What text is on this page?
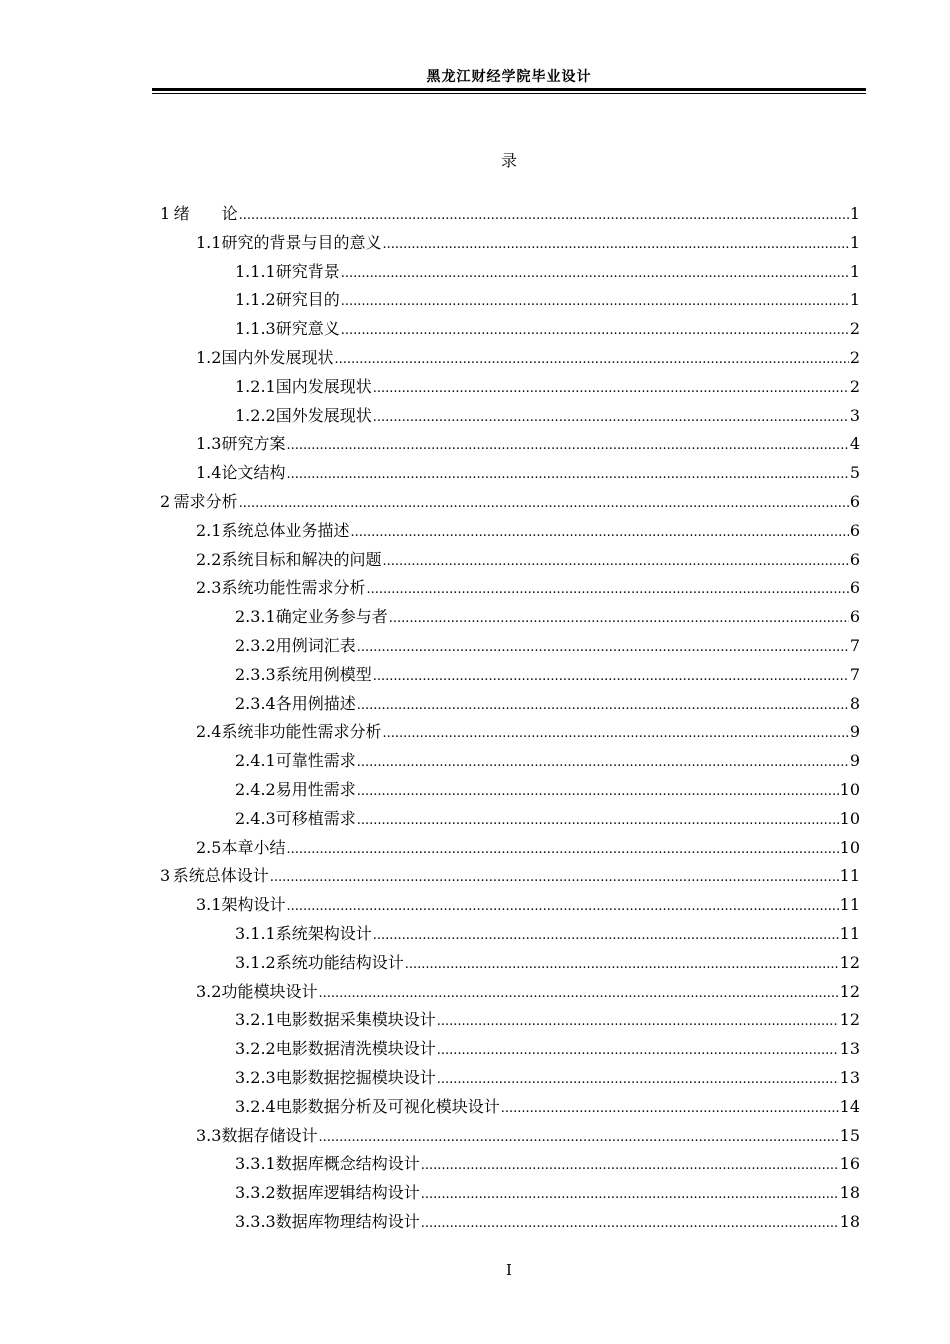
黑龙江财经学院毕业设计
录
1 绪　　论 .....	1
1.1 研究的背景与目的意义 .....	1
1.1.1 研究背景 .....	1
1.1.2 研究目的 .....	1
1.1.3 研究意义 .....	2
1.2 国内外发展现状 .....	2
1.2.1 国内发展现状 .....	2
1.2.2 国外发展现状 .....	3
1.3 研究方案 .....	4
1.4 论文结构 .....	5
2 需求分析 .....	6
2.1 系统总体业务描述 .....	6
2.2 系统目标和解决的问题 .....	6
2.3 系统功能性需求分析 .....	6
2.3.1 确定业务参与者 .....	6
2.3.2 用例词汇表 .....	7
2.3.3 系统用例模型 .....	7
2.3.4 各用例描述 .....	8
2.4 系统非功能性需求分析 .....	9
2.4.1 可靠性需求 .....	9
2.4.2 易用性需求 .....	10
2.4.3 可移植需求 .....	10
2.5 本章小结 .....	10
3 系统总体设计 .....	11
3.1 架构设计 .....	11
3.1.1 系统架构设计 .....	11
3.1.2 系统功能结构设计 .....	12
3.2 功能模块设计 .....	12
3.2.1 电影数据采集模块设计 .....	12
3.2.2 电影数据清洗模块设计 .....	13
3.2.3 电影数据挖掘模块设计 .....	13
3.2.4 电影数据分析及可视化模块设计 .....	14
3.3 数据存储设计 .....	15
3.3.1 数据库概念结构设计 .....	16
3.3.2 数据库逻辑结构设计 .....	18
3.3.3 数据库物理结构设计 .....	18
I
